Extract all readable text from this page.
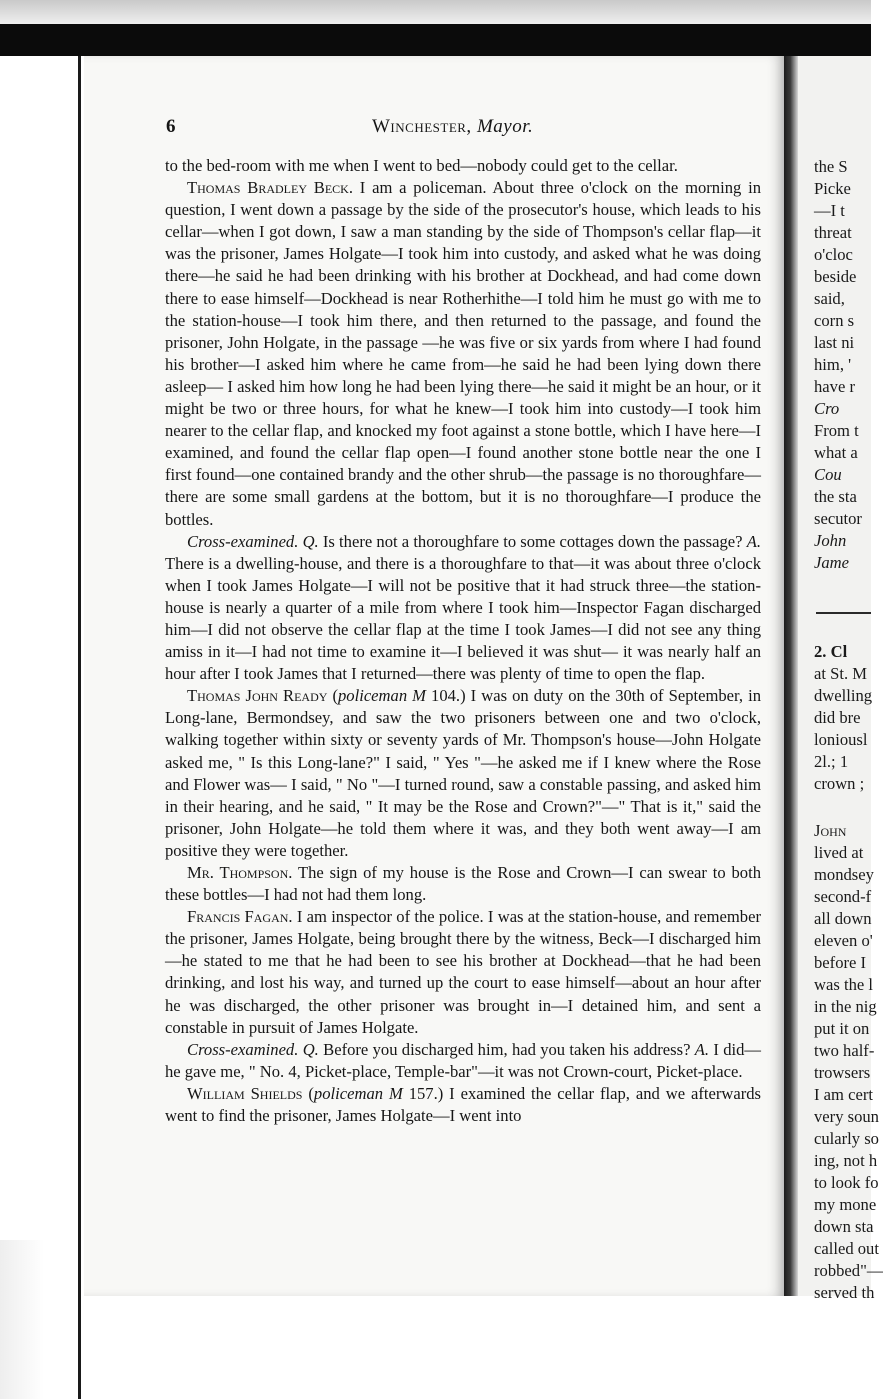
6	Winchester, Mayor.

to the bed-room with me when I went to bed—nobody could get to the cellar.

Thomas Bradley Beck. I am a policeman. About three o'clock on the morning in question, I went down a passage by the side of the prosecutor's house, which leads to his cellar—when I got down, I saw a man standing by the side of Thompson's cellar flap—it was the prisoner, James Holgate—I took him into custody, and asked what he was doing there—he said he had been drinking with his brother at Dockhead, and had come down there to ease himself—Dockhead is near Rotherhithe—I told him he must go with me to the station-house—I took him there, and then returned to the passage, and found the prisoner, John Holgate, in the passage —he was five or six yards from where I had found his brother—I asked him where he came from—he said he had been lying down there asleep— I asked him how long he had been lying there—he said it might be an hour, or it might be two or three hours, for what he knew—I took him into custody—I took him nearer to the cellar flap, and knocked my foot against a stone bottle, which I have here—I examined, and found the cellar flap open—I found another stone bottle near the one I first found—one contained brandy and the other shrub—the passage is no thoroughfare—there are some small gardens at the bottom, but it is no thoroughfare—I produce the bottles.

Cross-examined. Q. Is there not a thoroughfare to some cottages down the passage? A. There is a dwelling-house, and there is a thoroughfare to that—it was about three o'clock when I took James Holgate—I will not be positive that it had struck three—the station-house is nearly a quarter of a mile from where I took him—Inspector Fagan discharged him—I did not observe the cellar flap at the time I took James—I did not see any thing amiss in it—I had not time to examine it—I believed it was shut— it was nearly half an hour after I took James that I returned—there was plenty of time to open the flap.

Thomas John Ready (policeman M 104.) I was on duty on the 30th of September, in Long-lane, Bermondsey, and saw the two prisoners between one and two o'clock, walking together within sixty or seventy yards of Mr. Thompson's house—John Holgate asked me, " Is this Long-lane?" I said, " Yes "—he asked me if I knew where the Rose and Flower was— I said, " No "—I turned round, saw a constable passing, and asked him in their hearing, and he said, " It may be the Rose and Crown?"—" That is it," said the prisoner, John Holgate—he told them where it was, and they both went away—I am positive they were together.

Mr. Thompson. The sign of my house is the Rose and Crown—I can swear to both these bottles—I had not had them long.

Francis Fagan. I am inspector of the police. I was at the station-house, and remember the prisoner, James Holgate, being brought there by the witness, Beck—I discharged him—he stated to me that he had been to see his brother at Dockhead—that he had been drinking, and lost his way, and turned up the court to ease himself—about an hour after he was discharged, the other prisoner was brought in—I detained him, and sent a constable in pursuit of James Holgate.

Cross-examined. Q. Before you discharged him, had you taken his address? A. I did—he gave me, " No. 4, Picket-place, Temple-bar"—it was not Crown-court, Picket-place.

William Shields (policeman M 157.) I examined the cellar flap, and we afterwards went to find the prisoner, James Holgate—I went into

the S
Picke
—I t
threat
o'cloc
beside
said,
corn s
last ni
him, '
have r
Cro
From t
what a
Cou
the sta
secutor
John
Jame
2. Cl
at St. M
dwelling
did bre
loniousl
2l.; 1
crown ;
John
lived at
mondsey
second-f
all down
eleven o'
before I
was the l
in the nig
put it on
two half-
trowsers
I am cert
very soun
cularly so
ing, not h
to look fo
my mone
down sta
called out
robbed"—
served th
